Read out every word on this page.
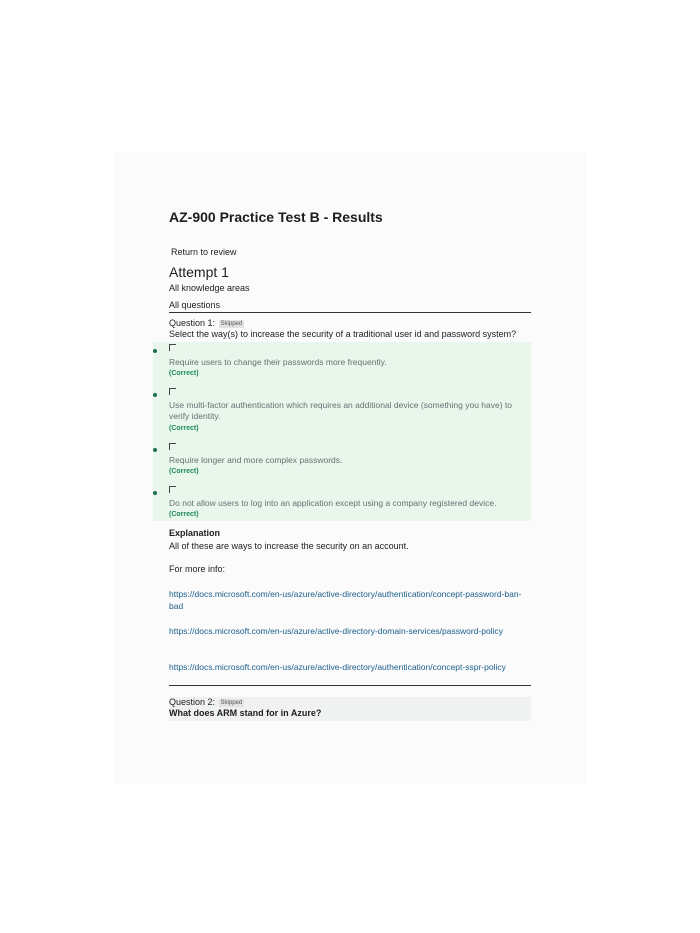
AZ-900 Practice Test B - Results
Return to review
Attempt 1
All knowledge areas
All questions
Question 1: Skipped
Select the way(s) to increase the security of a traditional user id and password system?
Require users to change their passwords more frequently.
(Correct)
Use multi-factor authentication which requires an additional device (something you have) to verify identity.
(Correct)
Require longer and more complex passwords.
(Correct)
Do not allow users to log into an application except using a company registered device.
(Correct)
Explanation
All of these are ways to increase the security on an account.
For more info:
https://docs.microsoft.com/en-us/azure/active-directory/authentication/concept-password-ban-bad
https://docs.microsoft.com/en-us/azure/active-directory-domain-services/password-policy
https://docs.microsoft.com/en-us/azure/active-directory/authentication/concept-sspr-policy
Question 2: Skipped
What does ARM stand for in Azure?
